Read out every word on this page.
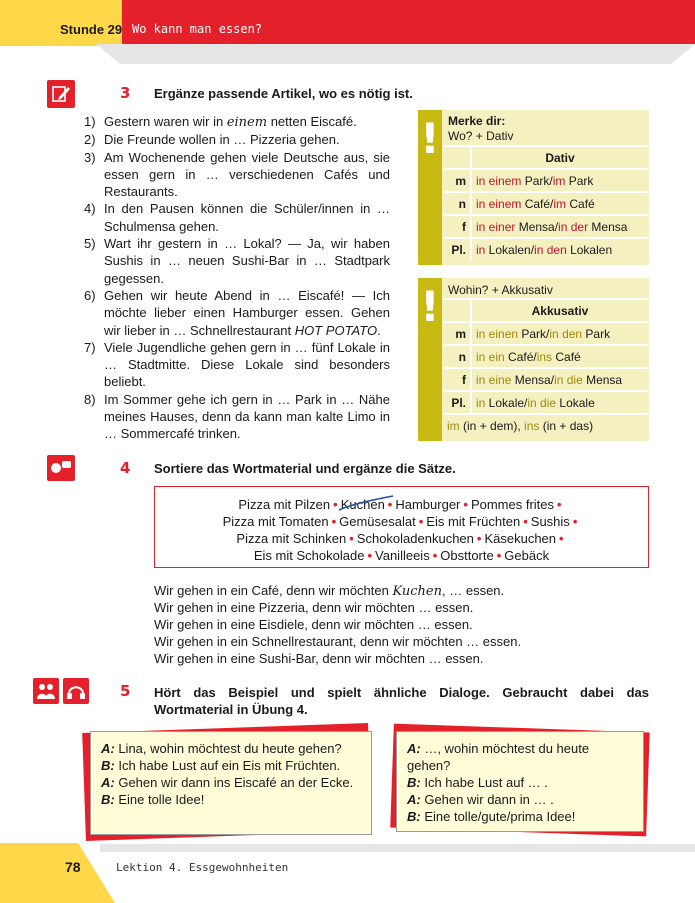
Stunde 29 Wo kann man essen?
3 Ergänze passende Artikel, wo es nötig ist.
1) Gestern waren wir in einem netten Eiscafé.
2) Die Freunde wollen in … Pizzeria gehen.
3) Am Wochenende gehen viele Deutsche aus, sie essen gern in … verschiedenen Cafés und Restaurants.
4) In den Pausen können die Schüler/innen in … Schulmensa gehen.
5) Wart ihr gestern in … Lokal? — Ja, wir haben Sushis in … neuen Sushi-Bar in … Stadtpark gegessen.
6) Gehen wir heute Abend in … Eiscafé! — Ich möchte lieber einen Hamburger essen. Gehen wir lieber in … Schnellrestaurant HOT POTATO.
7) Viele Jugendliche gehen gern in … fünf Lokale in … Stadtmitte. Diese Lokale sind besonders beliebt.
8) Im Sommer gehe ich gern in … Park in … Nähe meines Hauses, denn da kann man kalte Limo in … Sommercafé trinken.
! Merke dir:
Wo? + Dativ
	Dativ
m	in einem Park/im Park
n	in einem Café/im Café
f	in einer Mensa/in der Mensa
Pl.	in Lokalen/in den Lokalen
! Wohin? + Akkusativ
	Akkusativ
m	in einen Park/in den Park
n	in ein Café/ins Café
f	in eine Mensa/in die Mensa
Pl.	in Lokale/in die Lokale
im (in + dem), ins (in + das)	
4 Sortiere das Wortmaterial und ergänze die Sätze.
Pizza mit Pilzen • Kuchen • Hamburger • Pommes frites •
Pizza mit Tomaten • Gemüsesalat • Eis mit Früchten • Sushis •
Pizza mit Schinken • Schokoladenkuchen • Käsekuchen •
Eis mit Schokolade • Vanilleeis • Obsttorte • Gebäck
Wir gehen in ein Café, denn wir möchten Kuchen, … essen.
Wir gehen in eine Pizzeria, denn wir möchten … essen.
Wir gehen in eine Eisdiele, denn wir möchten … essen.
Wir gehen in ein Schnellrestaurant, denn wir möchten … essen.
Wir gehen in eine Sushi-Bar, denn wir möchten … essen.
5 Hört das Beispiel und spielt ähnliche Dialoge. Gebraucht dabei das Wortmaterial in Übung 4.
A: Lina, wohin möchtest du heute gehen?
B: Ich habe Lust auf ein Eis mit Früchten.
A: Gehen wir dann ins Eiscafé an der Ecke.
B: Eine tolle Idee!
A: …, wohin möchtest du heute gehen?
B: Ich habe Lust auf … .
A: Gehen wir dann in … .
B: Eine tolle/gute/prima Idee!
78	Lektion 4. Essgewohnheiten
